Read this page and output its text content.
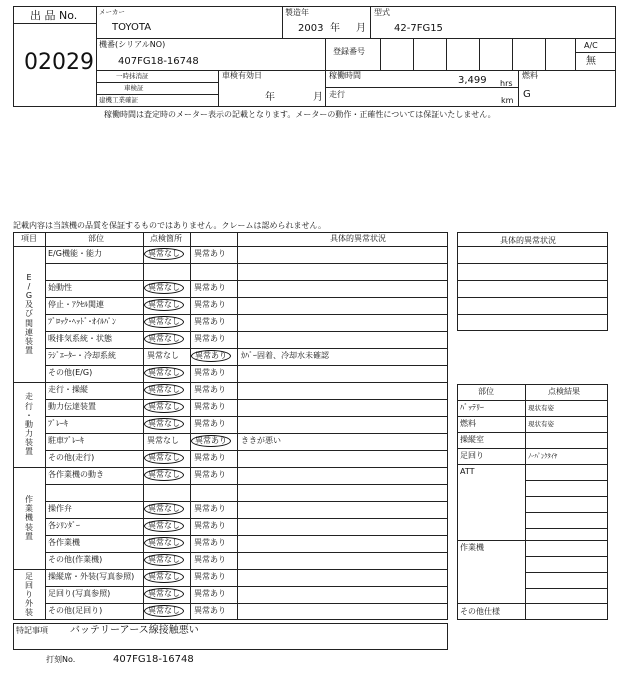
出 品 No.
02029
メーカー
TOYOTA
製造年
2003 年 月
型式
42-7FG15
機番(シリアルNO)
407FG18-16748
登録番号
A/C
無
一時抹消証
車検証
建機工業確証
車検有効日
年	月
稼働時間	3,499 hrs
走行
km
燃料
G
稼働時間は査定時のメーター表示の記載となります。メーターの動作・正確性については保証いたしません。
記載内容は当該機の品質を保証するものではありません。クレームは認められません。
項目	部位	点検箇所	具体的異常状況
E
/
G
及
び
関
連
装
置
E/G機能・能力	異常なし	異常あり
始動性	異常なし	異常あり
停止・ｱｸｾﾙ関連	異常なし	異常あり
ﾌﾞﾛｯｸ･ﾍｯﾄﾞ･ｵｲﾙﾊﾟﾝ	異常なし	異常あり
吸排気系統・状態	異常なし	異常あり
ﾗｼﾞｴｰﾀｰ・冷却系統	異常なし	異常あり	ｶﾊﾞｰ固着、冷却水未確認
その他(E/G)	異常なし	異常あり
走
行
・
動
力
装
置
走行・操縦	異常なし	異常あり
動力伝達装置	異常なし	異常あり
ﾌﾞﾚｰｷ	異常なし	異常あり
駐車ﾌﾞﾚｰｷ	異常なし	異常あり	ききが悪い
その他(走行)	異常なし	異常あり
作
業
機
装
置
各作業機の動き	異常なし	異常あり
操作弁	異常なし	異常あり
各ｼﾘﾝﾀﾞｰ	異常なし	異常あり
各作業機	異常なし	異常あり
その他(作業機)	異常なし	異常あり
足
回
り
外
装
操縦席・外装(写真参照)	異常なし	異常あり
足回り(写真参照)	異常なし	異常あり
その他(足回り)	異常なし	異常あり
特記事項 バッテリーアース線接触悪い
打刻No.	407FG18-16748
具体的異常状況
部位	点検結果
ﾊﾞｯﾃﾘｰ	現状有姿
燃料	現状有姿
操縦室
足回り	ﾉｰﾊﾟﾝｸﾀｲﾔ
ATT
作業機
その他仕様
